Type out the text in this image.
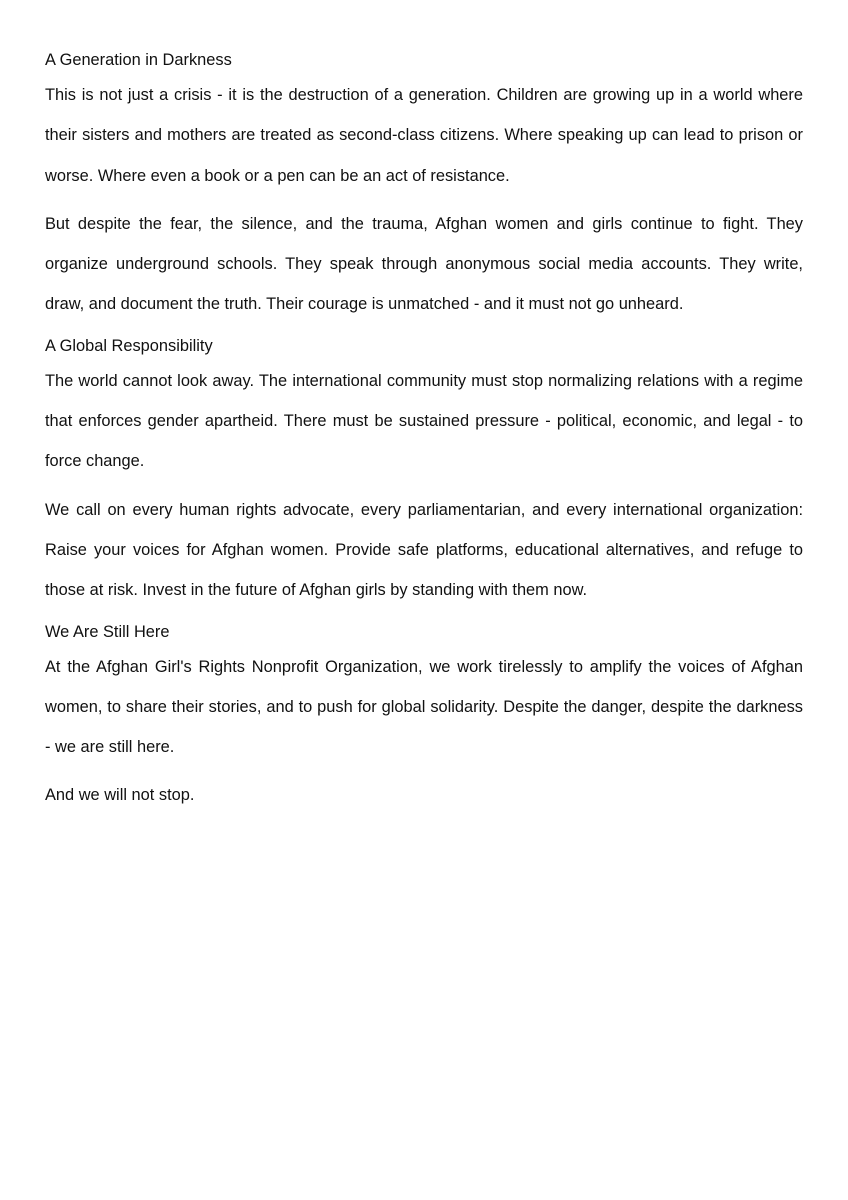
A Generation in Darkness

This is not just a crisis - it is the destruction of a generation. Children are growing up in a world where their sisters and mothers are treated as second-class citizens. Where speaking up can lead to prison or worse. Where even a book or a pen can be an act of resistance.

But despite the fear, the silence, and the trauma, Afghan women and girls continue to fight. They organize underground schools. They speak through anonymous social media accounts. They write, draw, and document the truth. Their courage is unmatched - and it must not go unheard.

A Global Responsibility

The world cannot look away. The international community must stop normalizing relations with a regime that enforces gender apartheid. There must be sustained pressure - political, economic, and legal - to force change.

We call on every human rights advocate, every parliamentarian, and every international organization: Raise your voices for Afghan women. Provide safe platforms, educational alternatives, and refuge to those at risk. Invest in the future of Afghan girls by standing with them now.

We Are Still Here

At the Afghan Girl's Rights Nonprofit Organization, we work tirelessly to amplify the voices of Afghan women, to share their stories, and to push for global solidarity. Despite the danger, despite the darkness - we are still here.

And we will not stop.
